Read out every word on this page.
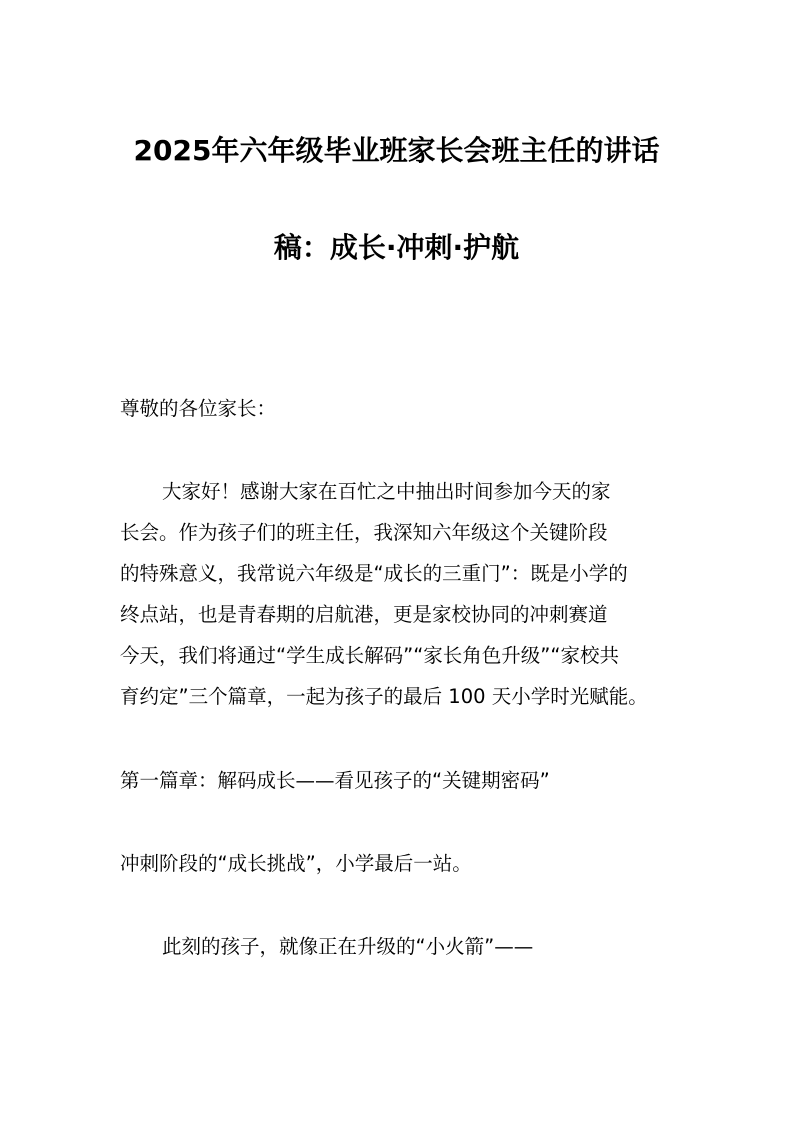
2025年六年级毕业班家长会班主任的讲话
稿：成长·冲刺·护航

尊敬的各位家长：

大家好！感谢大家在百忙之中抽出时间参加今天的家

长会。作为孩子们的班主任，我深知六年级这个关键阶段

的特殊意义，我常说六年级是“成长的三重门”：既是小学的

终点站，也是青春期的启航港，更是家校协同的冲刺赛道

今天，我们将通过“学生成长解码”“家长角色升级”“家校共

育约定”三个篇章，一起为孩子的最后 100 天小学时光赋能。

第一篇章：解码成长——看见孩子的“关键期密码”

冲刺阶段的“成长挑战”，小学最后一站。

此刻的孩子，就像正在升级的“小火箭”——
